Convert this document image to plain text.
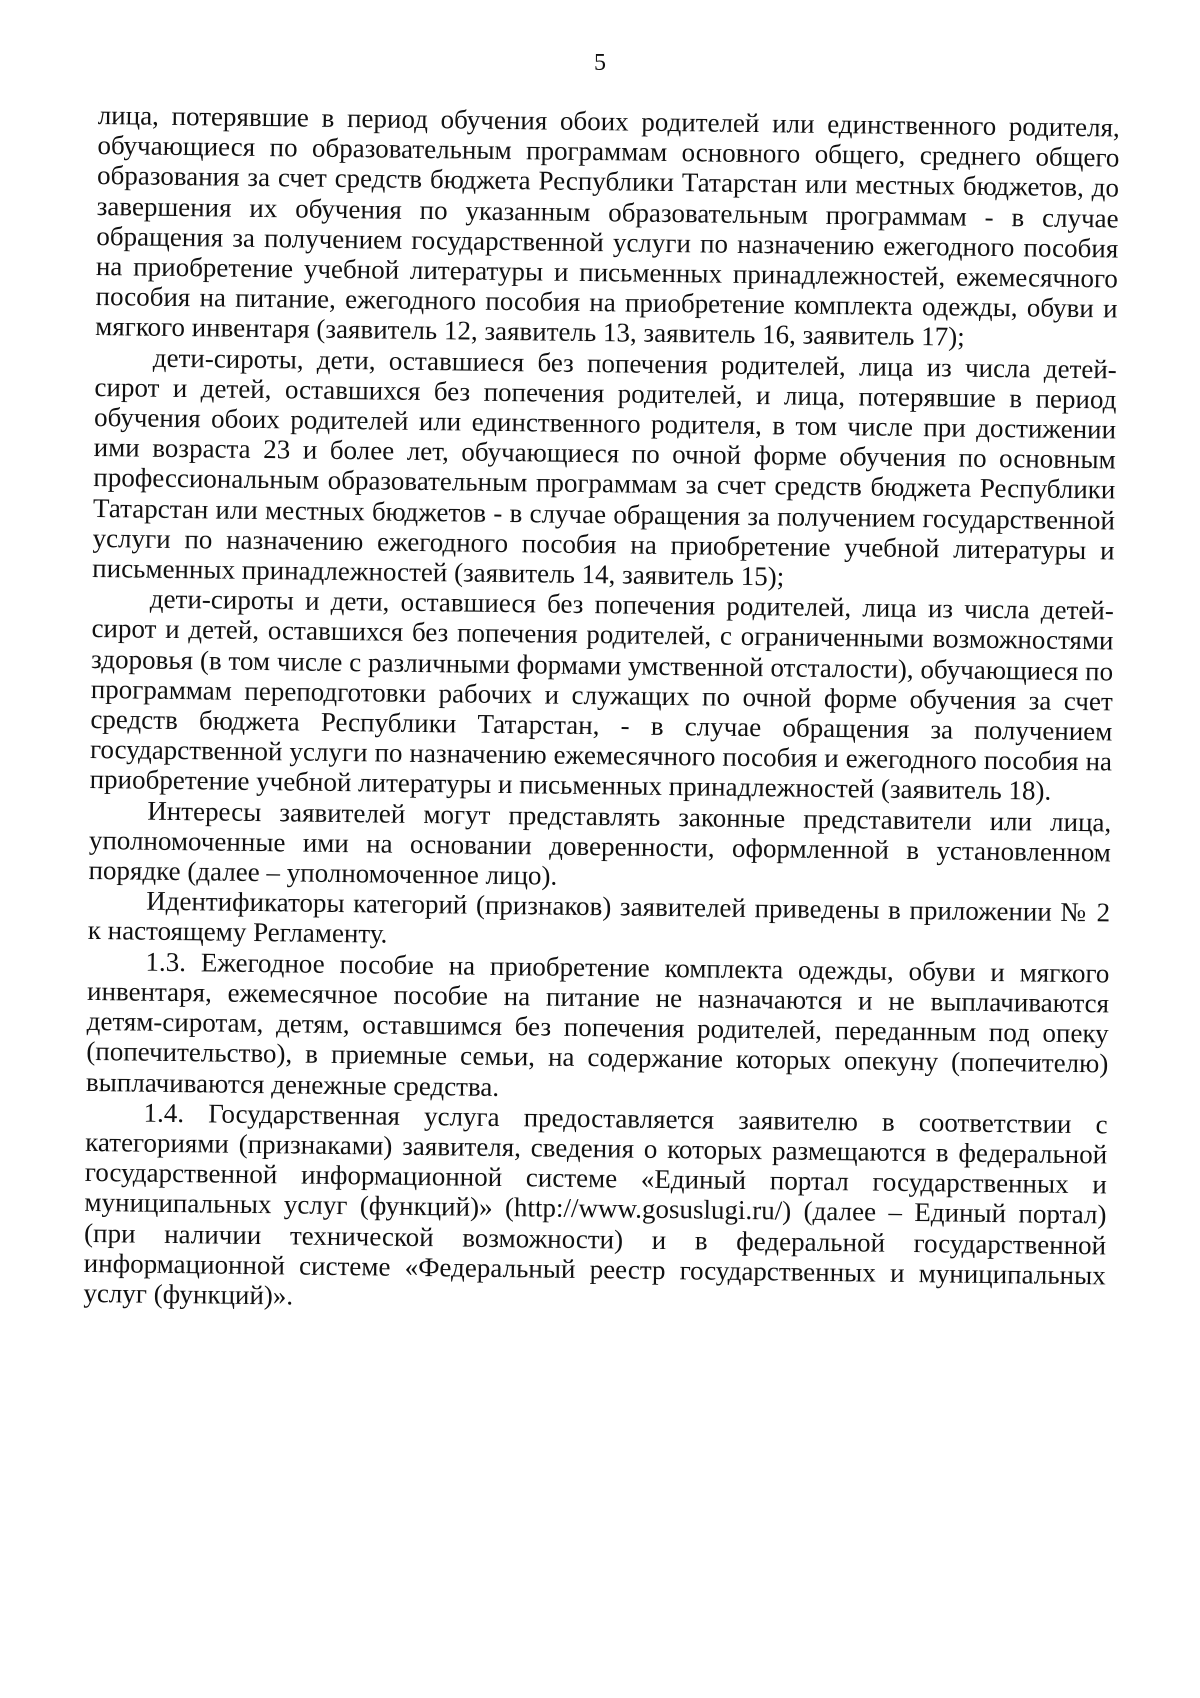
5

лица, потерявшие в период обучения обоих родителей или единственного родителя, обучающиеся по образовательным программам основного общего, среднего общего образования за счет средств бюджета Республики Татарстан или местных бюджетов, до завершения их обучения по указанным образовательным программам - в случае обращения за получением государственной услуги по назначению ежегодного пособия на приобретение учебной литературы и письменных принадлежностей, ежемесячного пособия на питание, ежегодного пособия на приобретение комплекта одежды, обуви и мягкого инвентаря (заявитель 12, заявитель 13, заявитель 16, заявитель 17);

дети-сироты, дети, оставшиеся без попечения родителей, лица из числа детей-сирот и детей, оставшихся без попечения родителей, и лица, потерявшие в период обучения обоих родителей или единственного родителя, в том числе при достижении ими возраста 23 и более лет, обучающиеся по очной форме обучения по основным профессиональным образовательным программам за счет средств бюджета Республики Татарстан или местных бюджетов - в случае обращения за получением государственной услуги по назначению ежегодного пособия на приобретение учебной литературы и письменных принадлежностей (заявитель 14, заявитель 15);

дети-сироты и дети, оставшиеся без попечения родителей, лица из числа детей-сирот и детей, оставшихся без попечения родителей, с ограниченными возможностями здоровья (в том числе с различными формами умственной отсталости), обучающиеся по программам переподготовки рабочих и служащих по очной форме обучения за счет средств бюджета Республики Татарстан, - в случае обращения за получением государственной услуги по назначению ежемесячного пособия и ежегодного пособия на приобретение учебной литературы и письменных принадлежностей (заявитель 18).

Интересы заявителей могут представлять законные представители или лица, уполномоченные ими на основании доверенности, оформленной в установленном порядке (далее – уполномоченное лицо).

Идентификаторы категорий (признаков) заявителей приведены в приложении № 2 к настоящему Регламенту.

1.3. Ежегодное пособие на приобретение комплекта одежды, обуви и мягкого инвентаря, ежемесячное пособие на питание не назначаются и не выплачиваются детям-сиротам, детям, оставшимся без попечения родителей, переданным под опеку (попечительство), в приемные семьи, на содержание которых опекуну (попечителю) выплачиваются денежные средства.

1.4. Государственная услуга предоставляется заявителю в соответствии с категориями (признаками) заявителя, сведения о которых размещаются в федеральной государственной информационной системе «Единый портал государственных и муниципальных услуг (функций)» (http://www.gosuslugi.ru/) (далее – Единый портал) (при наличии технической возможности) и в федеральной государственной информационной системе «Федеральный реестр государственных и муниципальных услуг (функций)».
